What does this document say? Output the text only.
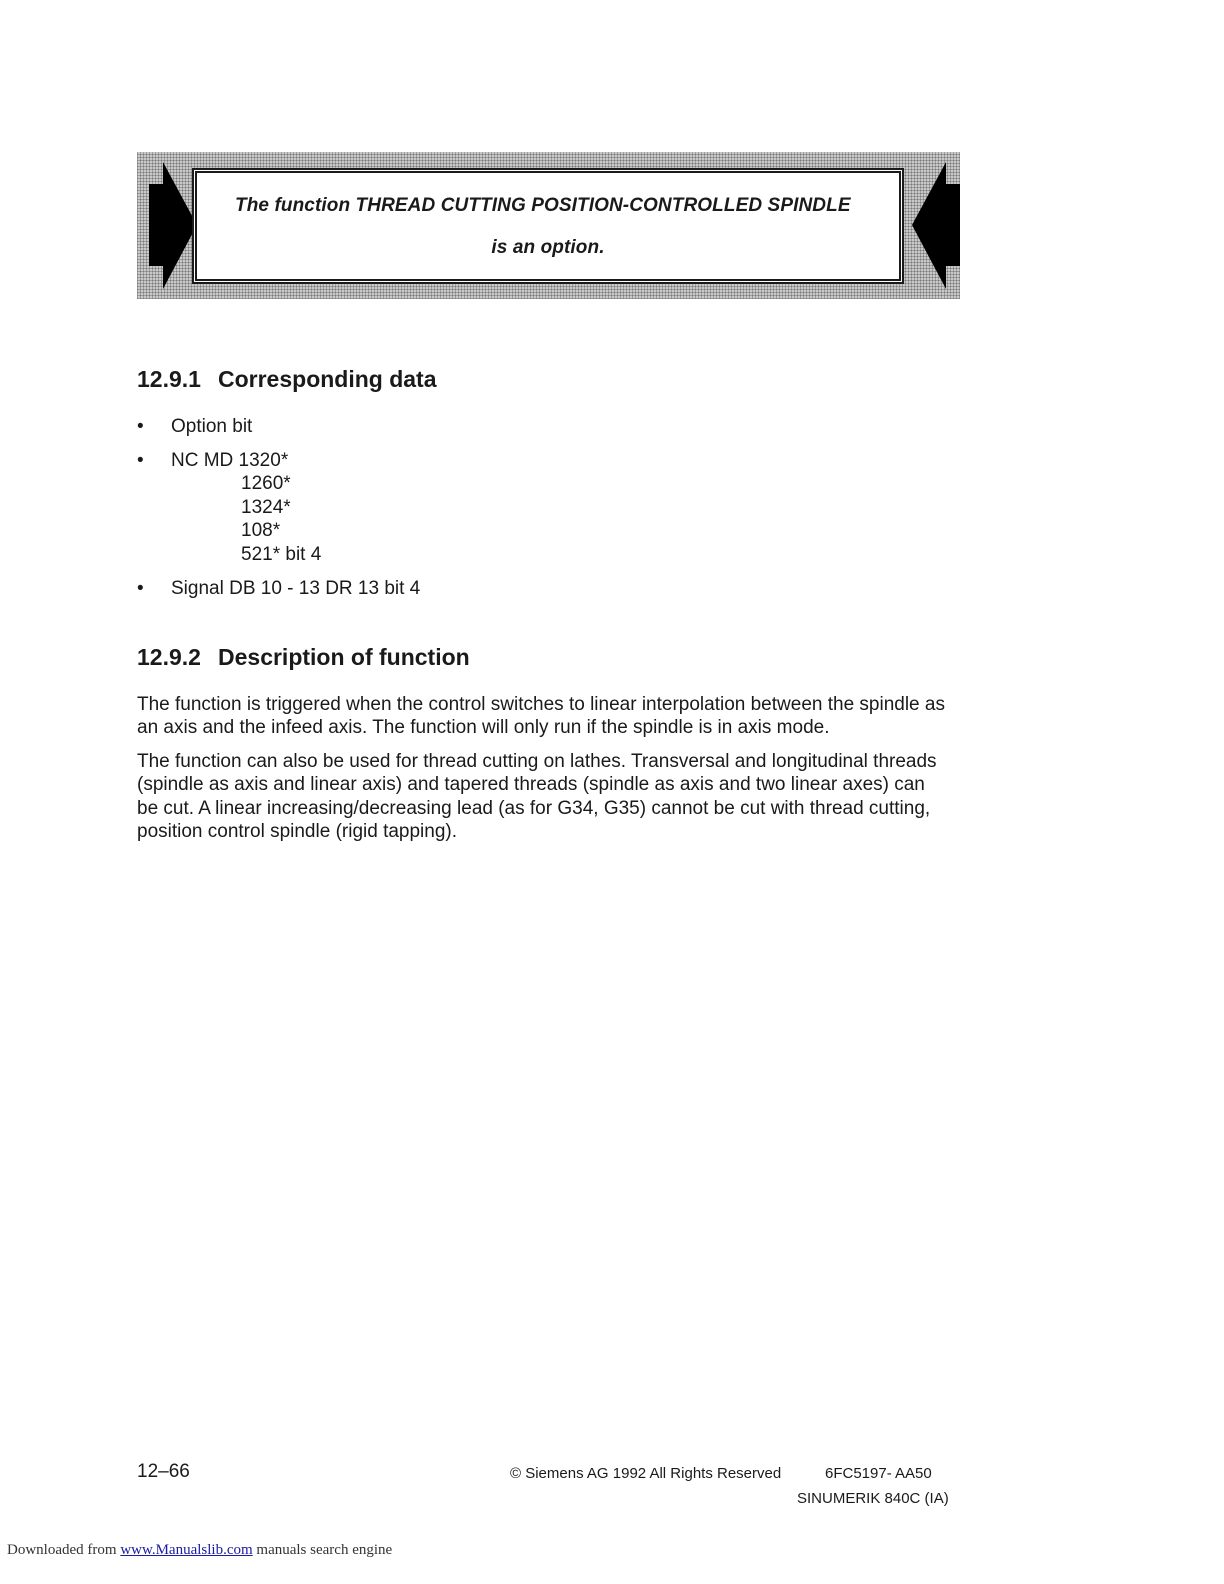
The function THREAD CUTTING POSITION-CONTROLLED SPINDLE
is an option.
12.9.1 Corresponding data
• Option bit
• NC MD 1320*
1260*
1324*
108*
521* bit 4
• Signal DB 10 - 13 DR 13 bit 4
12.9.2 Description of function

The function is triggered when the control switches to linear interpolation between the spindle as an axis and the infeed axis. The function will only run if the spindle is in axis mode.

The function can also be used for thread cutting on lathes. Transversal and longitudinal threads (spindle as axis and linear axis) and tapered threads (spindle as axis and two linear axes) can be cut. A linear increasing/decreasing lead (as for G34, G35) cannot be cut with thread cutting, position control spindle (rigid tapping).

12–66	© Siemens AG 1992 All Rights Reserved	6FC5197- AA50
SINUMERIK 840C (IA)
Downloaded from www.Manualslib.com manuals search engine
